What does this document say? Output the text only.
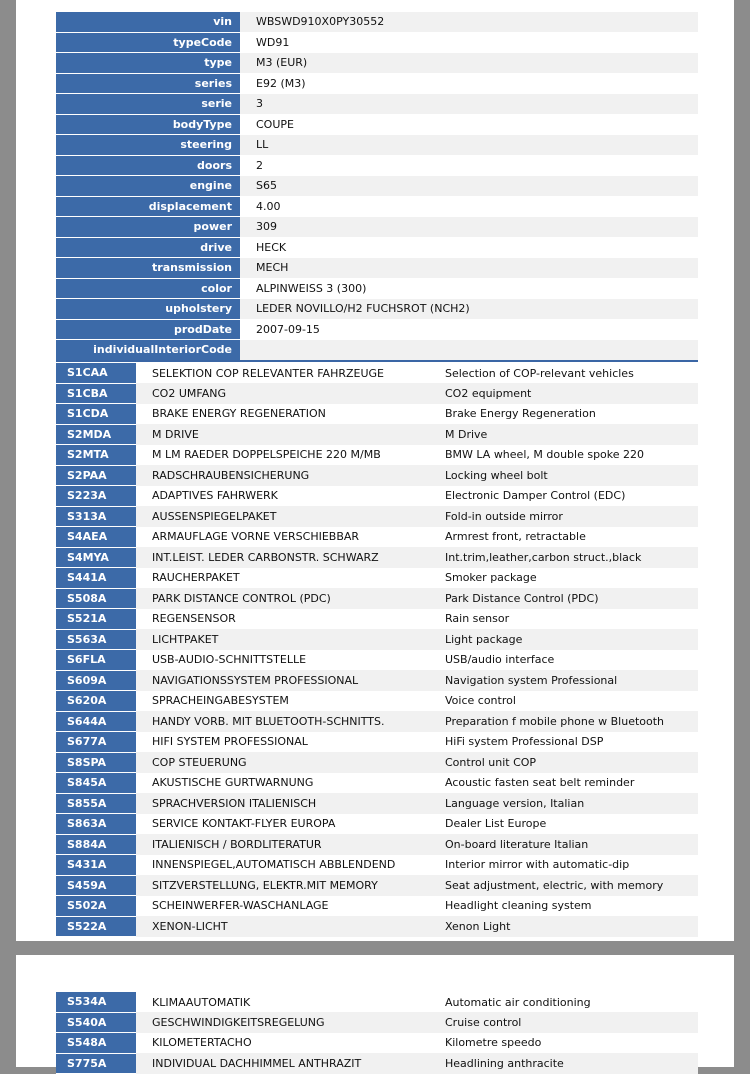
vin	WBSWD910X0PY30552
typeCode	WD91
type	M3 (EUR)
series	E92 (M3)
serie	3
bodyType	COUPE
steering	LL
doors	2
engine	S65
displacement	4.00
power	309
drive	HECK
transmission	MECH
color	ALPINWEISS 3 (300)
upholstery	LEDER NOVILLO/H2 FUCHSROT (NCH2)
prodDate	2007-09-15
individualInteriorCode	
S1CAA	SELEKTION COP RELEVANTER FAHRZEUGE	Selection of COP-relevant vehicles
S1CBA	CO2 UMFANG	CO2 equipment
S1CDA	BRAKE ENERGY REGENERATION	Brake Energy Regeneration
S2MDA	M DRIVE	M Drive
S2MTA	M LM RAEDER DOPPELSPEICHE 220 M/MB	BMW LA wheel, M double spoke 220
S2PAA	RADSCHRAUBENSICHERUNG	Locking wheel bolt
S223A	ADAPTIVES FAHRWERK	Electronic Damper Control (EDC)
S313A	AUSSENSPIEGELPAKET	Fold-in outside mirror
S4AEA	ARMAUFLAGE VORNE VERSCHIEBBAR	Armrest front, retractable
S4MYA	INT.LEIST. LEDER CARBONSTR. SCHWARZ	Int.trim,leather,carbon struct.,black
S441A	RAUCHERPAKET	Smoker package
S508A	PARK DISTANCE CONTROL (PDC)	Park Distance Control (PDC)
S521A	REGENSENSOR	Rain sensor
S563A	LICHTPAKET	Light package
S6FLA	USB-AUDIO-SCHNITTSTELLE	USB/audio interface
S609A	NAVIGATIONSSYSTEM PROFESSIONAL	Navigation system Professional
S620A	SPRACHEINGABESYSTEM	Voice control
S644A	HANDY VORB. MIT BLUETOOTH-SCHNITTS.	Preparation f mobile phone w Bluetooth
S677A	HIFI SYSTEM PROFESSIONAL	HiFi system Professional DSP
S8SPA	COP STEUERUNG	Control unit COP
S845A	AKUSTISCHE GURTWARNUNG	Acoustic fasten seat belt reminder
S855A	SPRACHVERSION ITALIENISCH	Language version, Italian
S863A	SERVICE KONTAKT-FLYER EUROPA	Dealer List Europe
S884A	ITALIENISCH / BORDLITERATUR	On-board literature Italian
S431A	INNENSPIEGEL,AUTOMATISCH ABBLENDEND	Interior mirror with automatic-dip
S459A	SITZVERSTELLUNG, ELEKTR.MIT MEMORY	Seat adjustment, electric, with memory
S502A	SCHEINWERFER-WASCHANLAGE	Headlight cleaning system
S522A	XENON-LICHT	Xenon Light
S534A	KLIMAAUTOMATIK	Automatic air conditioning
S540A	GESCHWINDIGKEITSREGELUNG	Cruise control
S548A	KILOMETERTACHO	Kilometre speedo
S775A	INDIVIDUAL DACHHIMMEL ANTHRAZIT	Headlining anthracite
